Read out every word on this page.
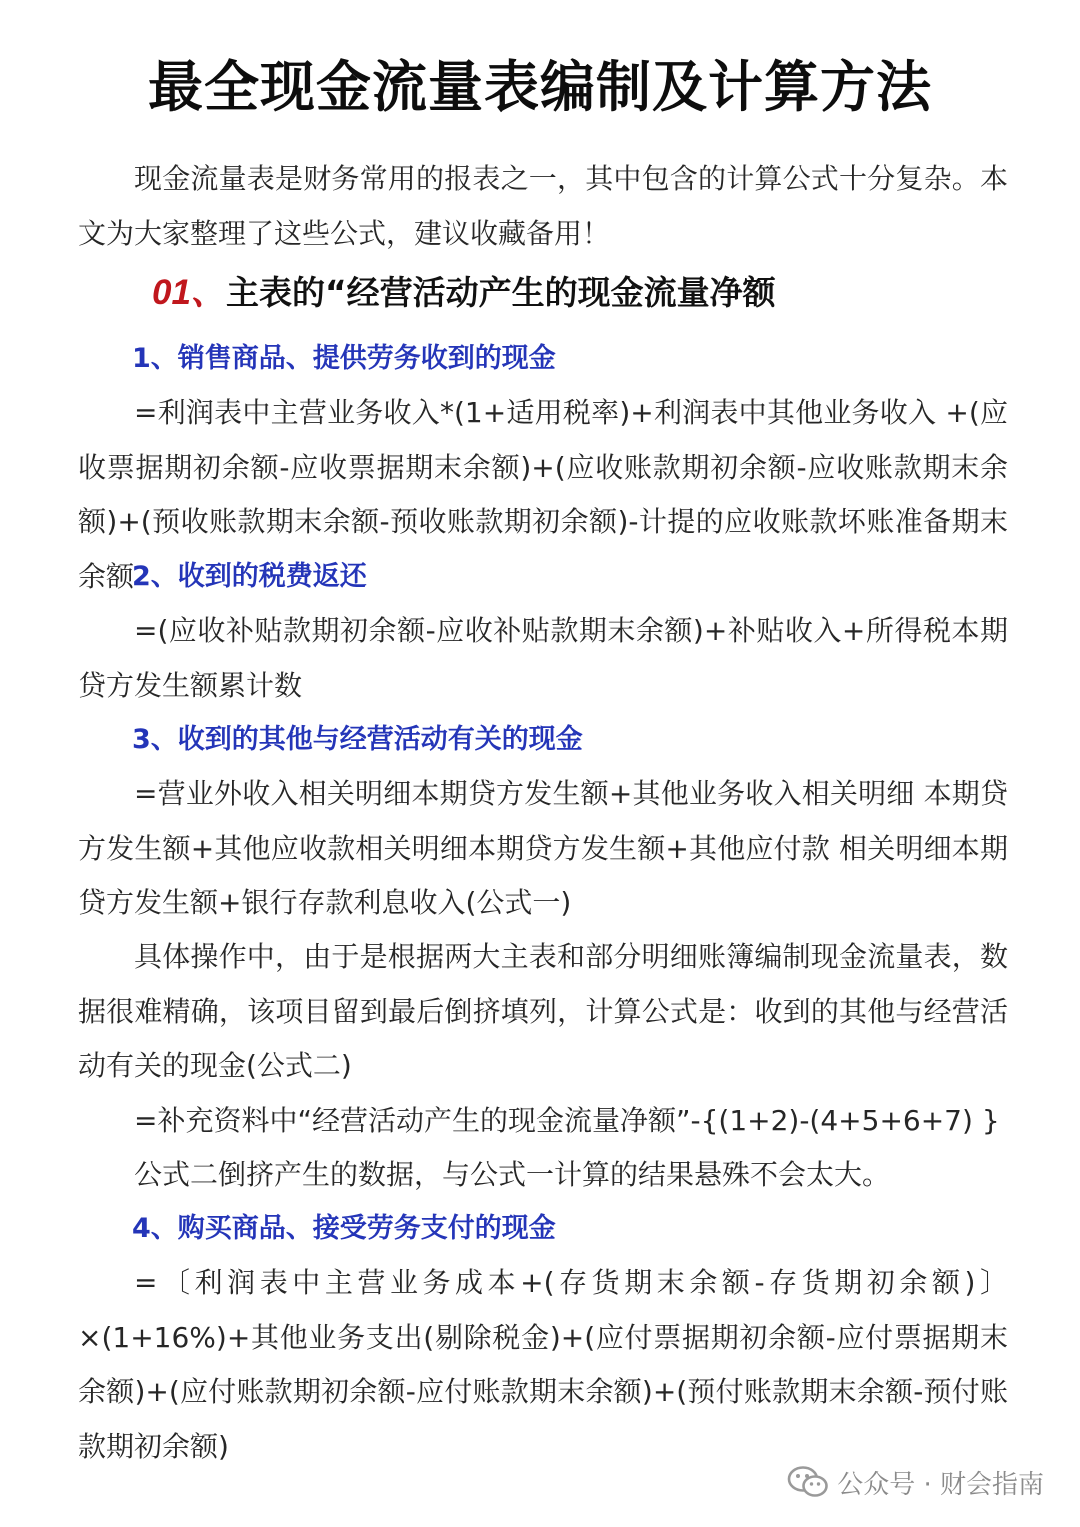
最全现金流量表编制及计算方法

现金流量表是财务常用的报表之一，其中包含的计算公式十分复杂。本文为大家整理了这些公式，建议收藏备用！

01、主表的“经营活动产生的现金流量净额
1、销售商品、提供劳务收到的现金

=利润表中主营业务收入*(1+适用税率)+利润表中其他业务收入 +(应收票据期初余额-应收票据期末余额)+(应收账款期初余额-应收账款期末余额)+(预收账款期末余额-预收账款期初余额)-计提的应收账款坏账准备期末余额

2、收到的税费返还

=(应收补贴款期初余额-应收补贴款期末余额)+补贴收入+所得税本期贷方发生额累计数

3、收到的其他与经营活动有关的现金

=营业外收入相关明细本期贷方发生额+其他业务收入相关明细 本期贷方发生额+其他应收款相关明细本期贷方发生额+其他应付款 相关明细本期贷方发生额+银行存款利息收入(公式一)

具体操作中，由于是根据两大主表和部分明细账簿编制现金流量表，数据很难精确，该项目留到最后倒挤填列，计算公式是：收到的其他与经营活动有关的现金(公式二)

=补充资料中“经营活动产生的现金流量净额”-{(1+2)-(4+5+6+7) }

公式二倒挤产生的数据，与公式一计算的结果悬殊不会太大。

4、购买商品、接受劳务支付的现金

=〔利润表中主营业务成本+(存货期末余额-存货期初余额)〕 ×(1+16%)+其他业务支出(剔除税金)+(应付票据期初余额-应付票据期末余额)+(应付账款期初余额-应付账款期末余额)+(预付账款期末余额-预付账款期初余额)

公众号 · 财会指南
